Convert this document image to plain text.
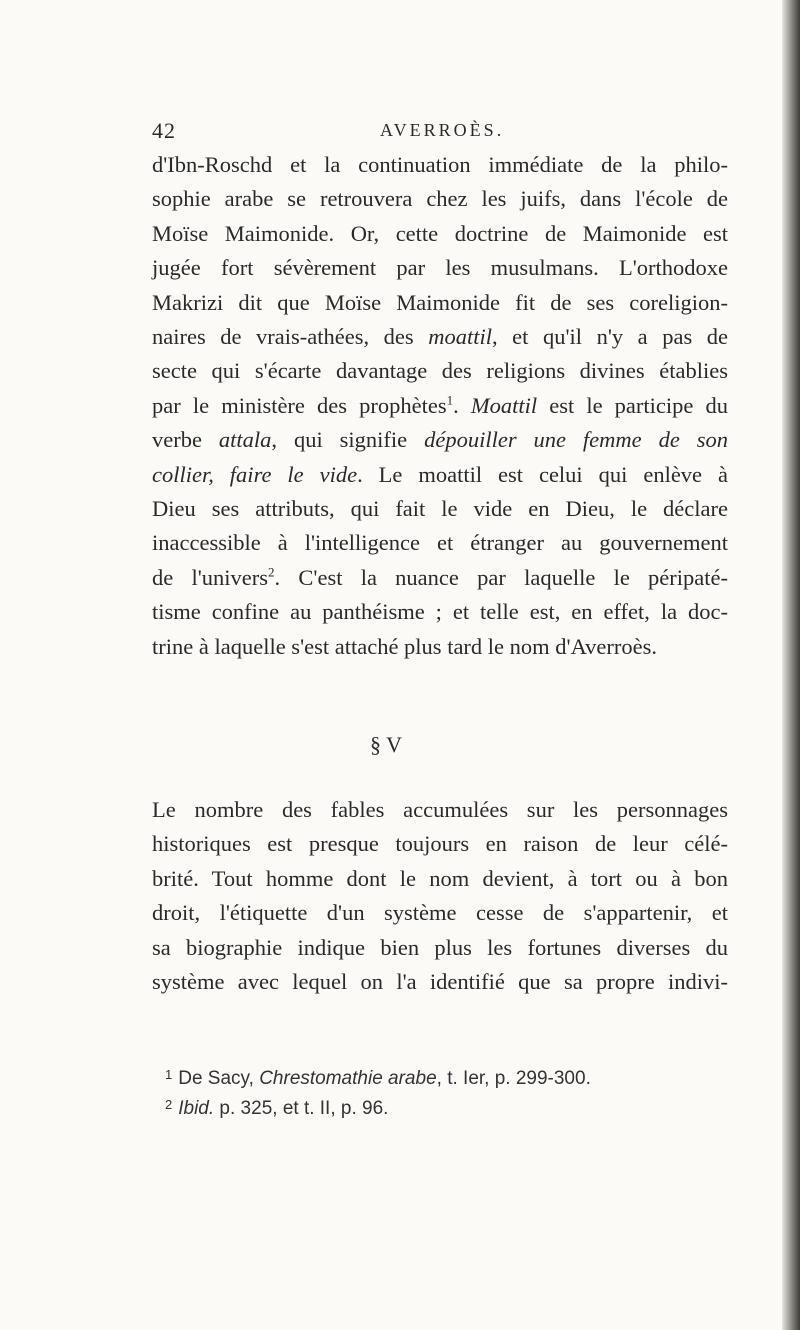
42	AVERROÈS.
d'Ibn-Roschd et la continuation immédiate de la philo-
sophie arabe se retrouvera chez les juifs, dans l'école de
Moïse Maimonide. Or, cette doctrine de Maimonide est
jugée fort sévèrement par les musulmans. L'orthodoxe
Makrizi dit que Moïse Maimonide fit de ses coreligion-
naires de vrais-athées, des moattil, et qu'il n'y a pas de
secte qui s'écarte davantage des religions divines établies
par le ministère des prophètes$^1$. Moattil est le participe du
verbe attala, qui signifie dépouiller une femme de son
collier, faire le vide. Le moattil est celui qui enlève à
Dieu ses attributs, qui fait le vide en Dieu, le déclare
inaccessible à l'intelligence et étranger au gouvernement
de l'univers$^2$. C'est la nuance par laquelle le péripaté-
tisme confine au panthéisme ; et telle est, en effet, la doc-
trine à laquelle s'est attaché plus tard le nom d'Averroès.
§ V
Le nombre des fables accumulées sur les personnages
historiques est presque toujours en raison de leur célé-
brité. Tout homme dont le nom devient, à tort ou à bon
droit, l'étiquette d'un système cesse de s'appartenir, et
sa biographie indique bien plus les fortunes diverses du
système avec lequel on l'a identifié que sa propre indivi-
$^1$ De Sacy, Chrestomathie arabe, t. Ier, p. 299-300.
$^2$ Ibid. p. 325, et t. II, p. 96.
